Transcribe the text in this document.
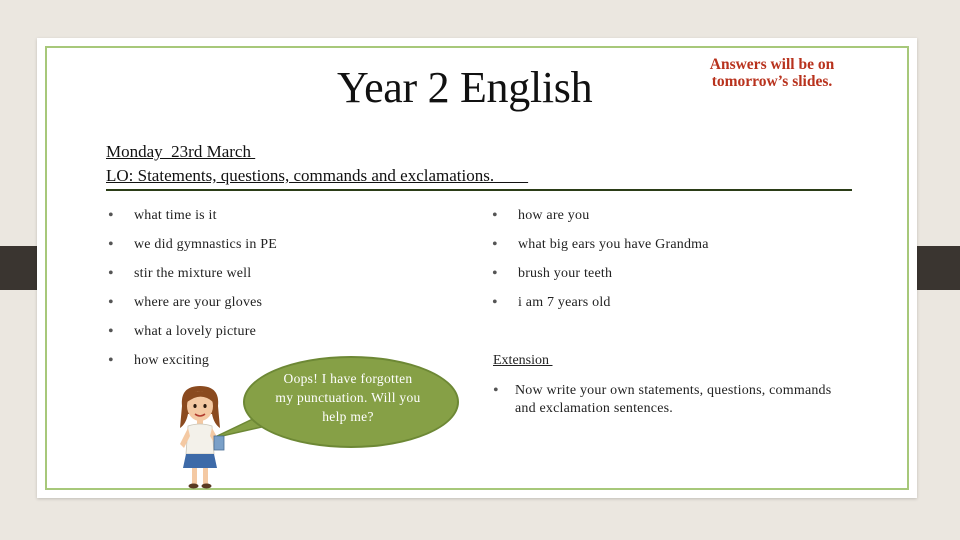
Year 2 English	Answers will be on tomorrow’s slides.
Monday  23rd March
LO: Statements, questions, commands and exclamations.
• what time is it
• we did gymnastics in PE
• stir the mixture well
• where are your gloves
• what a lovely picture
• how exciting
• how are you
• what big ears you have Grandma
• brush your teeth
• i am 7 years old
Extension
• Now write your own statements, questions, commands and exclamation sentences.
Oops! I have forgotten my punctuation. Will you help me?
